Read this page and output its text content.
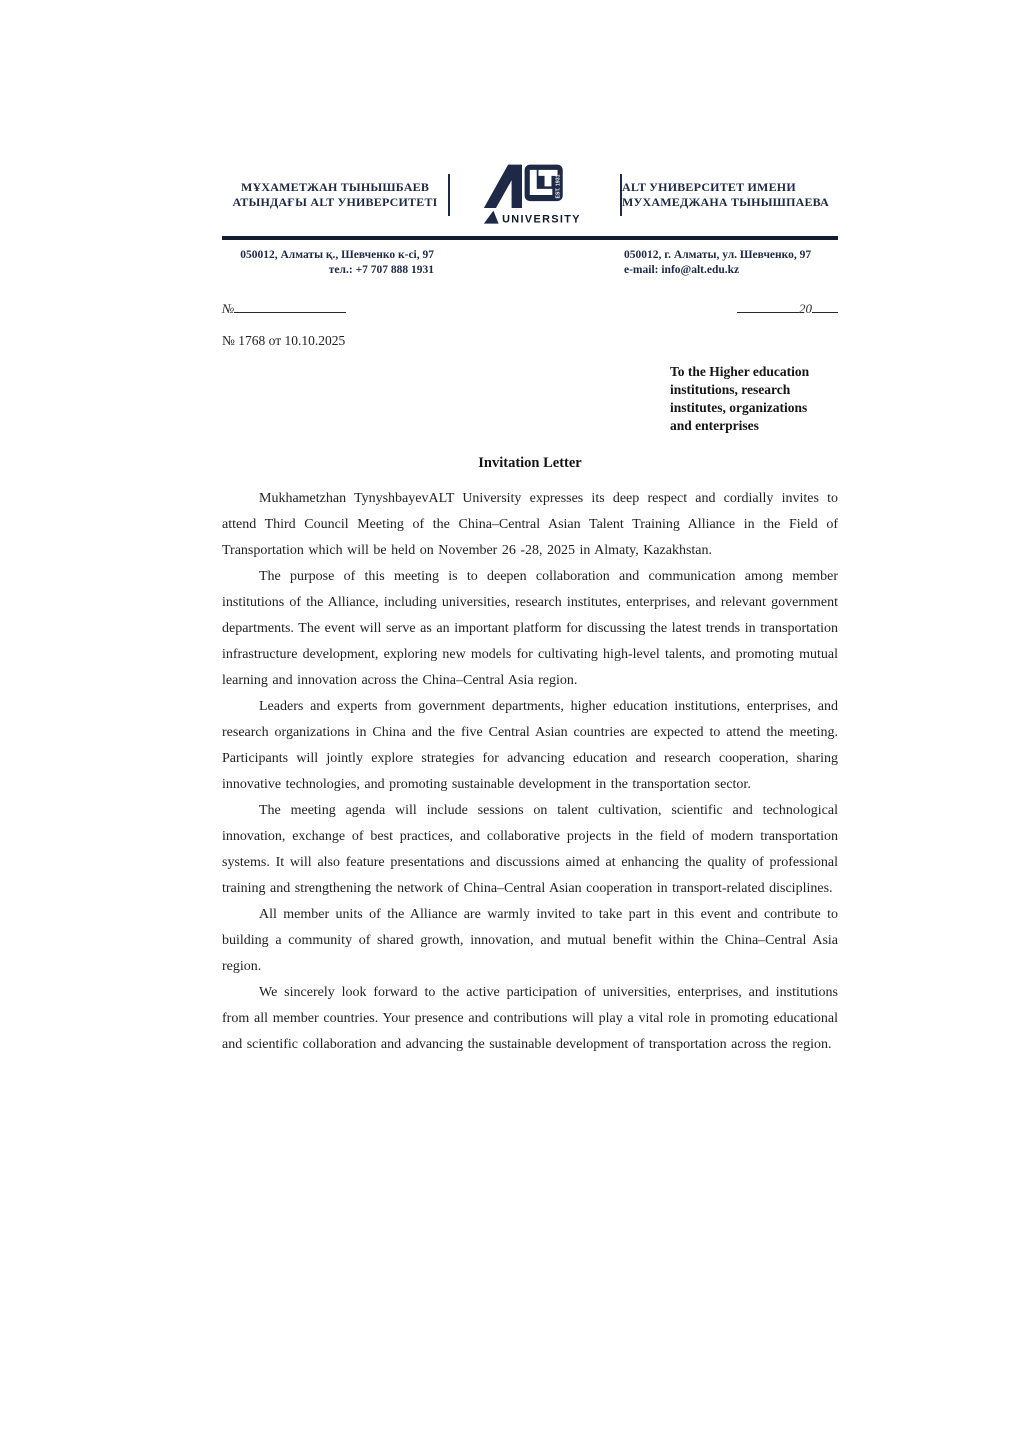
МҰХАМЕТЖАН ТЫНЫШБАЕВ
АТЫНДАҒЫ ALT УНИВЕРСИТЕТІ
EST. 1931
UNIVERSITY
ALT УНИВЕРСИТЕТ ИМЕНИ
МУХАМЕДЖАНА ТЫНЫШПАЕВА
050012, Алматы қ., Шевченко к-сі, 97
тел.: +7 707 888 1931
050012, г. Алматы, ул. Шевченко, 97
e-mail: info@alt.edu.kz
№	20
№ 1768 от 10.10.2025
To the Higher education
institutions, research
institutes, organizations
and enterprises
Invitation Letter

Mukhametzhan TynyshbayevALT University expresses its deep respect and cordially invites to attend Third Council Meeting of the China–Central Asian Talent Training Alliance in the Field of Transportation which will be held on November 26 -28, 2025 in Almaty, Kazakhstan.

The purpose of this meeting is to deepen collaboration and communication among member institutions of the Alliance, including universities, research institutes, enterprises, and relevant government departments. The event will serve as an important platform for discussing the latest trends in transportation infrastructure development, exploring new models for cultivating high-level talents, and promoting mutual learning and innovation across the China–Central Asia region.

Leaders and experts from government departments, higher education institutions, enterprises, and research organizations in China and the five Central Asian countries are expected to attend the meeting. Participants will jointly explore strategies for advancing education and research cooperation, sharing innovative technologies, and promoting sustainable development in the transportation sector.

The meeting agenda will include sessions on talent cultivation, scientific and technological innovation, exchange of best practices, and collaborative projects in the field of modern transportation systems. It will also feature presentations and discussions aimed at enhancing the quality of professional training and strengthening the network of China–Central Asian cooperation in transport-related disciplines.

All member units of the Alliance are warmly invited to take part in this event and contribute to building a community of shared growth, innovation, and mutual benefit within the China–Central Asia region.

We sincerely look forward to the active participation of universities, enterprises, and institutions from all member countries. Your presence and contributions will play a vital role in promoting educational and scientific collaboration and advancing the sustainable development of transportation across the region.
